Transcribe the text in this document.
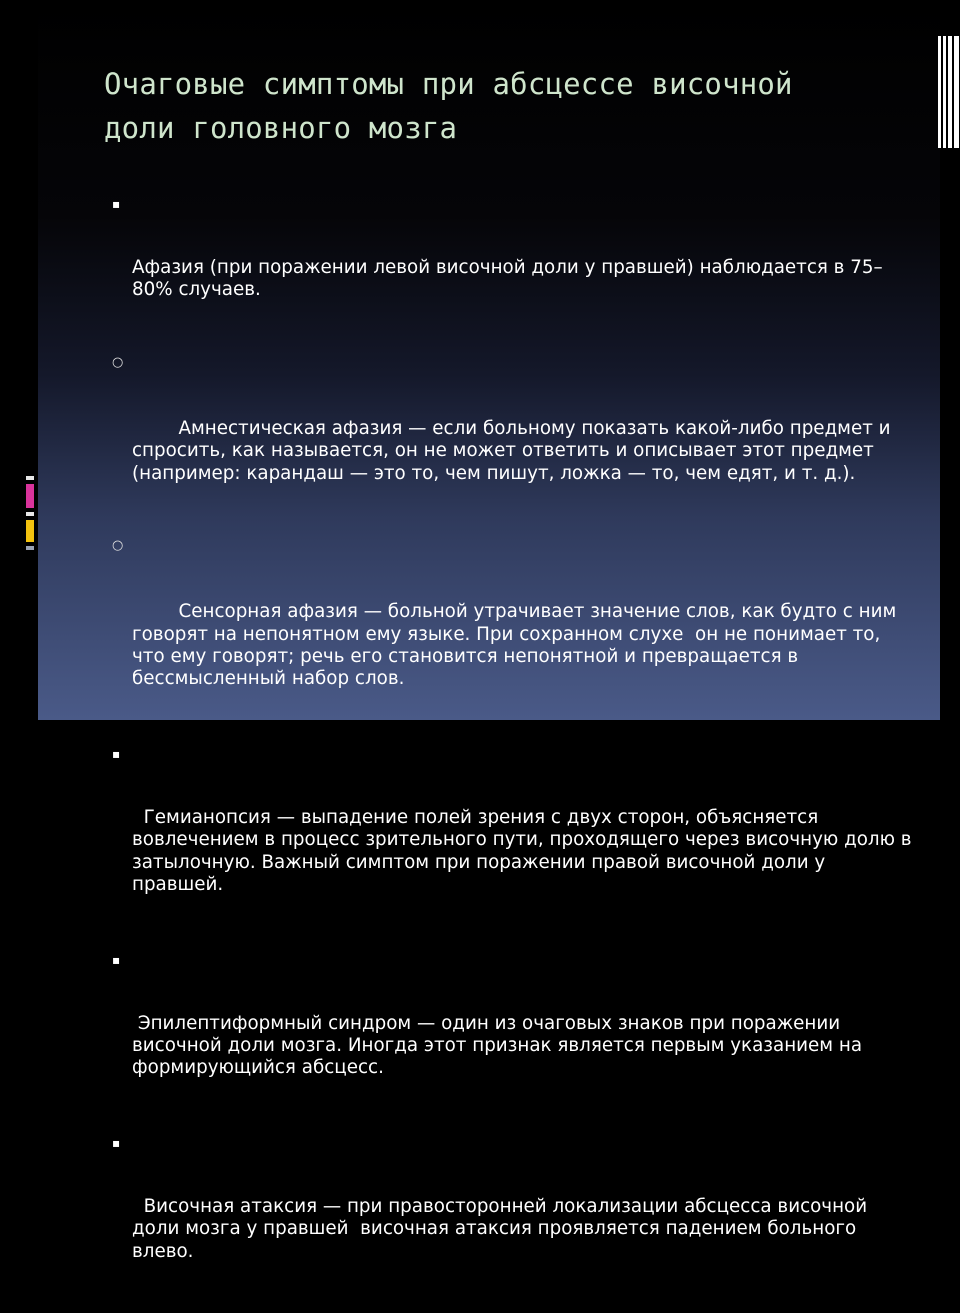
Очаговые симптомы при абсцессе височной доли головного мозга

▪

Афазия (при поражении левой височной доли у правшей) наблюдается в 75–80% случаев.

○

Амнестическая афазия — если больному показать какой-либо предмет и спросить, как называется, он не может ответить и описывает этот предмет (например: карандаш — это то, чем пишут, ложка — то, чем едят, и т. д.).

○

Сенсорная афазия — больной утрачивает значение слов, как будто с ним говорят на непонятном ему языке. При сохранном слухе  он не понимает то, что ему говорят; речь его становится непонятной и превращается в бессмысленный набор слов.

▪

Гемианопсия — выпадение полей зрения с двух сторон, объясняется вовлечением в процесс зрительного пути, проходящего через височную долю в затылочную. Важный симптом при поражении правой височной доли у правшей.

▪

Эпилептиформный синдром — один из очаговых знаков при поражении височной доли мозга. Иногда этот признак является первым указанием на формирующийся абсцесс.

▪

Височная атаксия — при правосторонней локализации абсцесса височной доли мозга у правшей  височная атаксия проявляется падением больного влево.
